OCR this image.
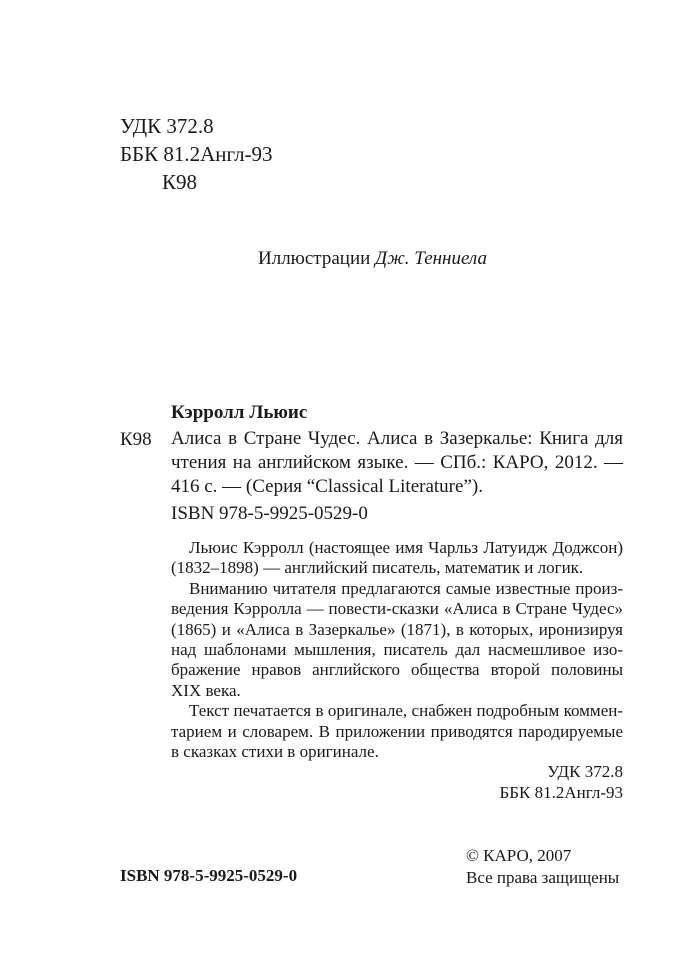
УДК 372.8
ББК 81.2Англ-93
К98
Иллюстрации Дж. Тенниела
Кэрролл Льюис
К98 Алиса в Стране Чудес. Алиса в Зазеркалье: Книга для
чтения на английском языке. — СПб.: КАРО, 2012. —
416 с. — (Серия “Classical Literature”).
ISBN 978-5-9925-0529-0
Льюис Кэрролл (настоящее имя Чарльз Латуидж Доджсон)
(1832–1898) — английский писатель, математик и логик.
Вниманию читателя предлагаются самые известные произ-
ведения Кэрролла — повести-сказки «Алиса в Стране Чудес»
(1865) и «Алиса в Зазеркалье» (1871), в которых, иронизируя
над шаблонами мышления, писатель дал насмешливое изо-
бражение нравов английского общества второй половины
XIX века.
Текст печатается в оригинале, снабжен подробным коммен-
тарием и словарем. В приложении приводятся пародируемые
в сказках стихи в оригинале.
УДК 372.8
ББК 81.2Англ-93
© КАРО, 2007
Все права защищены
ISBN 978-5-9925-0529-0
